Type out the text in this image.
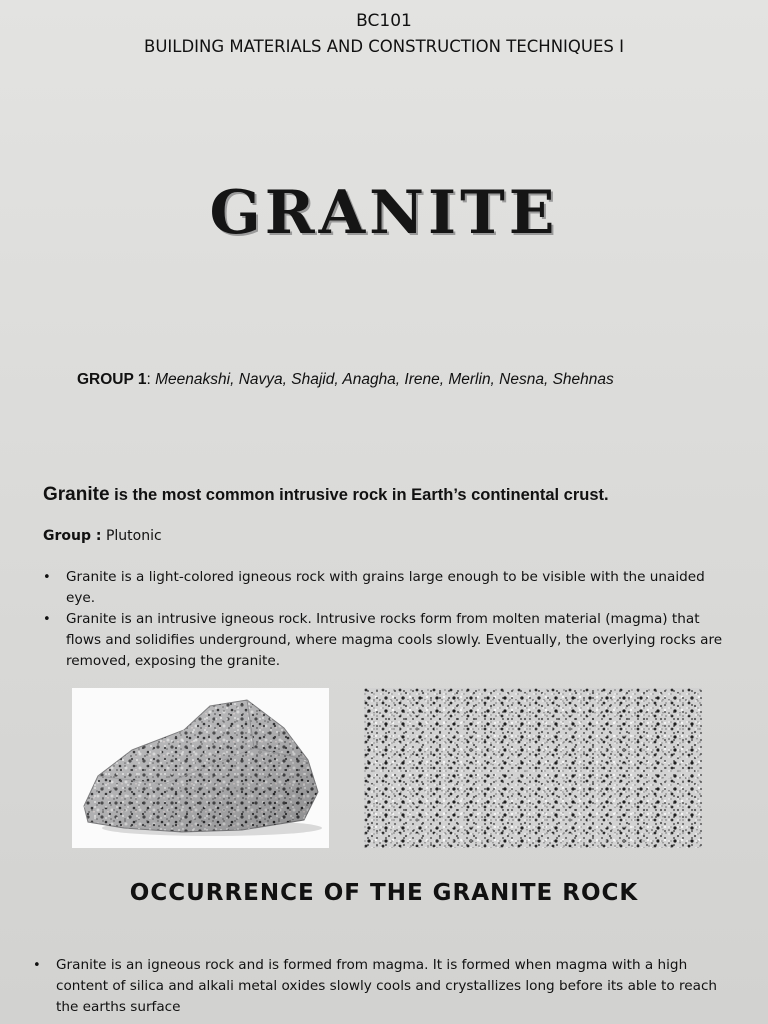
BC101
BUILDING MATERIALS AND CONSTRUCTION TECHNIQUES I
GRANITE
GROUP 1: Meenakshi, Navya, Shajid, Anagha, Irene, Merlin, Nesna, Shehnas
Granite is the most common intrusive rock in Earth’s continental crust.
Group : Plutonic
• Granite is a light-colored igneous rock with grains large enough to be visible with the unaided eye.
• Granite is an intrusive igneous rock. Intrusive rocks form from molten material (magma) that flows and solidifies underground, where magma cools slowly. Eventually, the overlying rocks are removed, exposing the granite.
OCCURRENCE OF THE GRANITE ROCK
• Granite is an igneous rock and is formed from magma. It is formed when magma with a high content of silica and alkali metal oxides slowly cools and crystallizes long before its able to reach the earths surface
